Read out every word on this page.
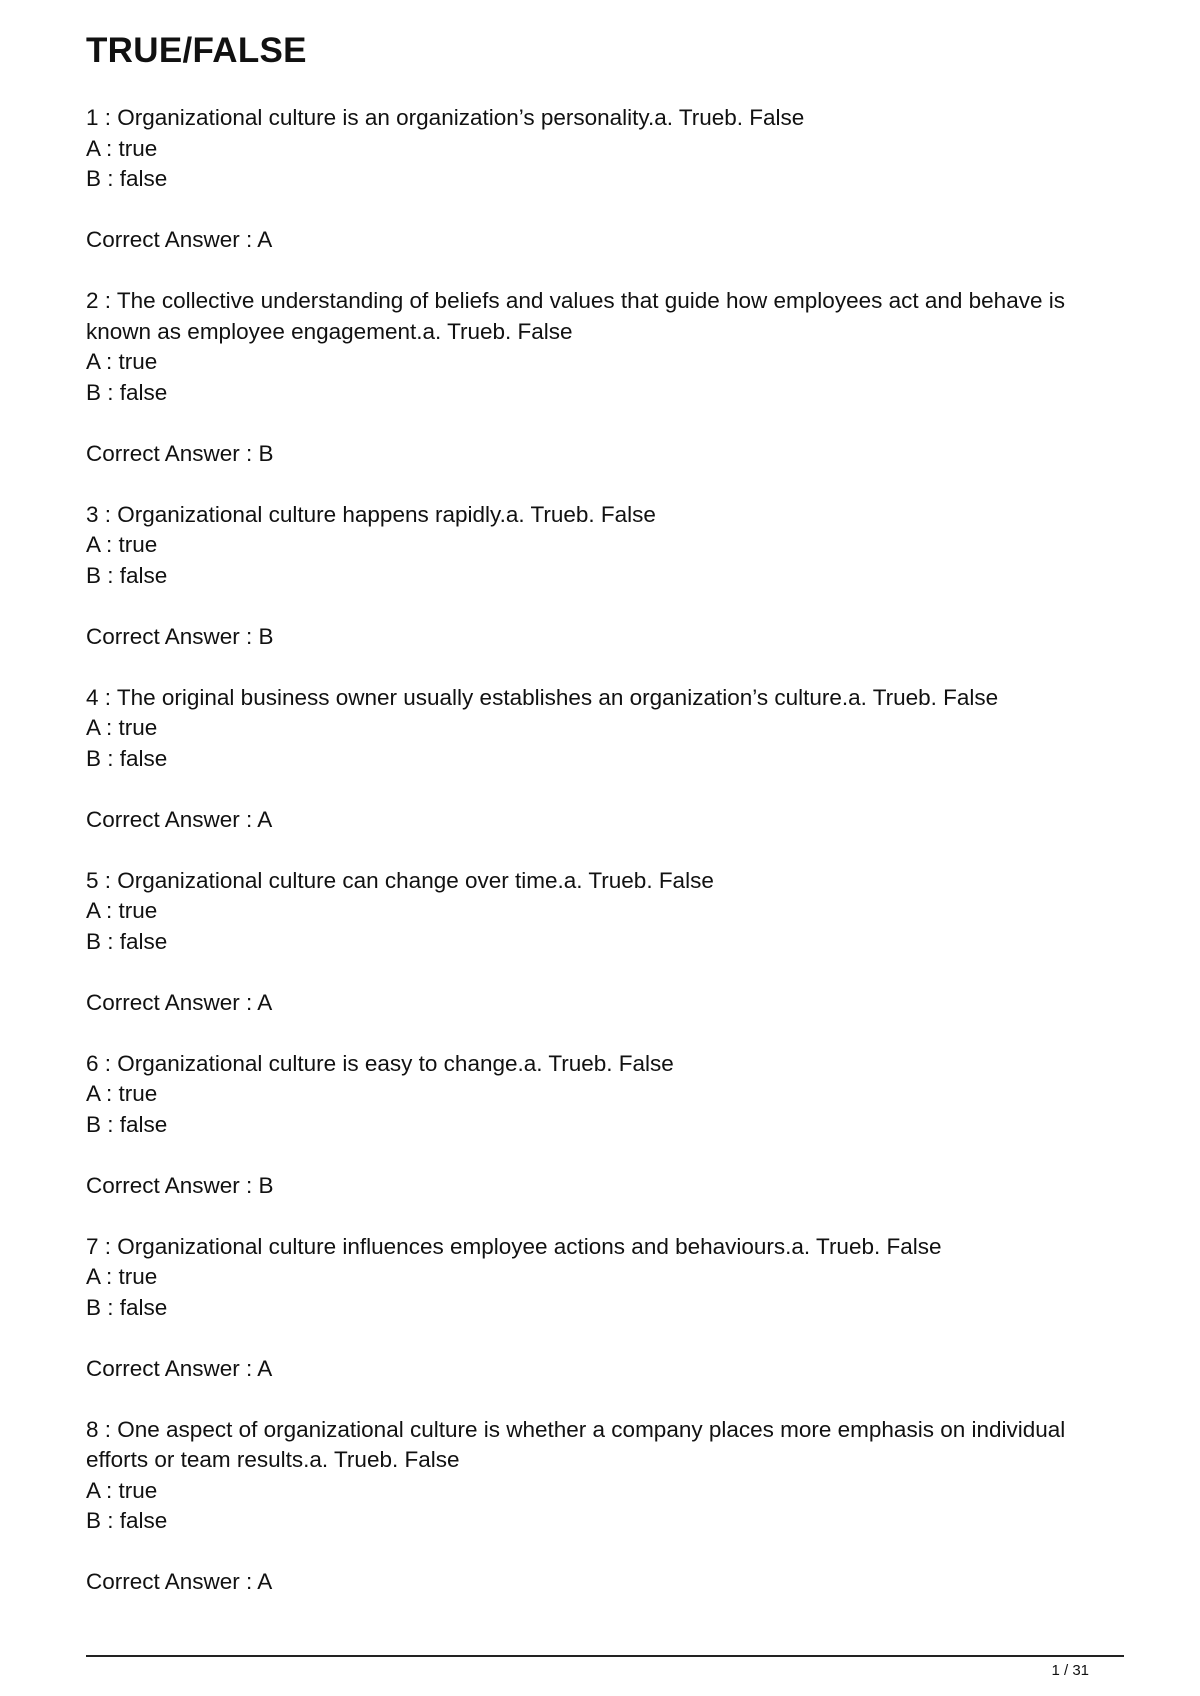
TRUE/FALSE
1 : Organizational culture is an organization’s personality.a. Trueb. False
A : true
B : false
Correct Answer : A
2 : The collective understanding of beliefs and values that guide how employees act and behave is known as employee engagement.a. Trueb. False
A : true
B : false
Correct Answer : B
3 : Organizational culture happens rapidly.a. Trueb. False
A : true
B : false
Correct Answer : B
4 : The original business owner usually establishes an organization’s culture.a. Trueb. False
A : true
B : false
Correct Answer : A
5 : Organizational culture can change over time.a. Trueb. False
A : true
B : false
Correct Answer : A
6 : Organizational culture is easy to change.a. Trueb. False
A : true
B : false
Correct Answer : B
7 : Organizational culture influences employee actions and behaviours.a. Trueb. False
A : true
B : false
Correct Answer : A
8 : One aspect of organizational culture is whether a company places more emphasis on individual efforts or team results.a. Trueb. False
A : true
B : false
Correct Answer : A
1 / 31
